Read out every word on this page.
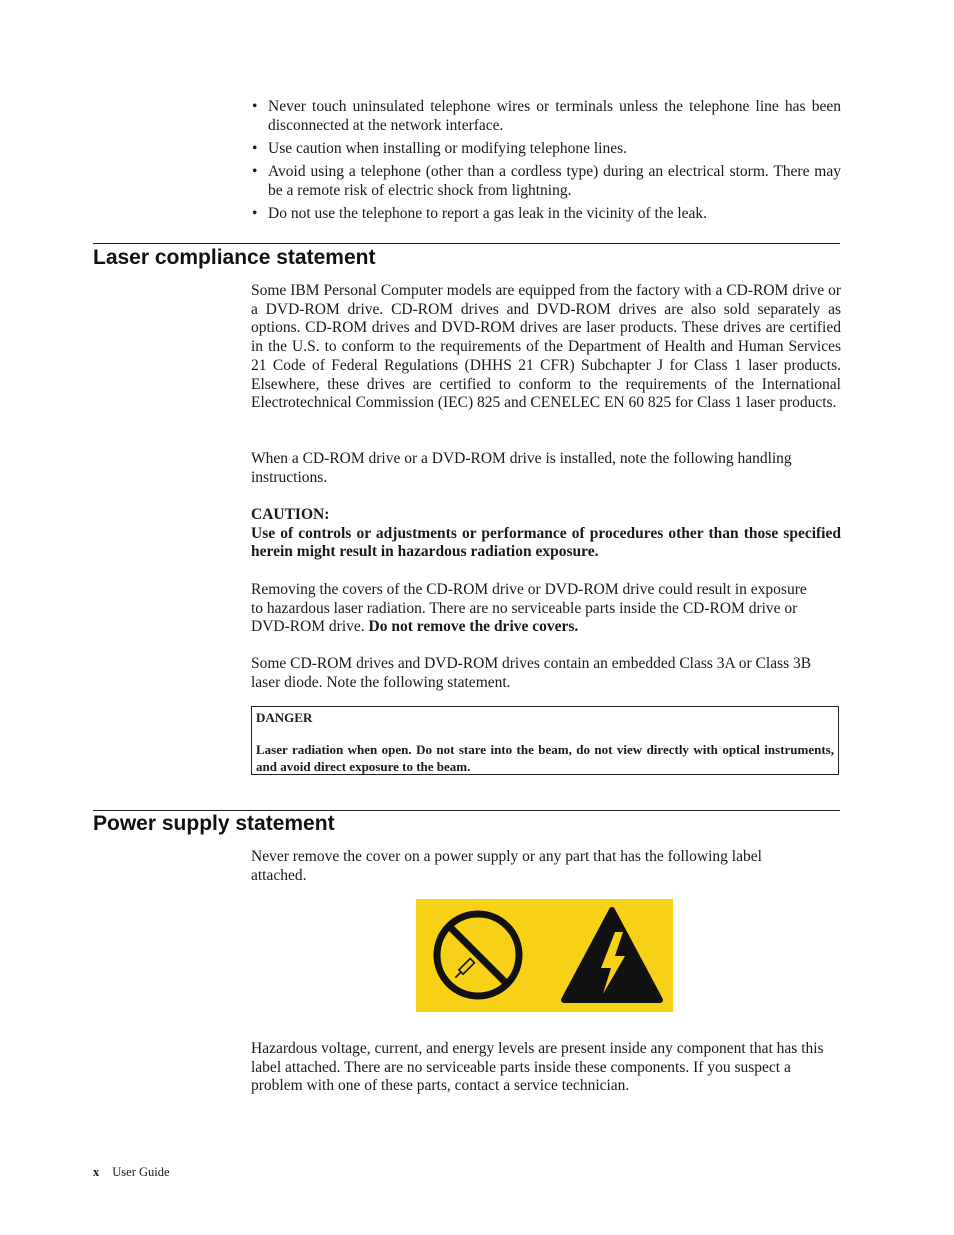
• Never touch uninsulated telephone wires or terminals unless the telephone line has been disconnected at the network interface.
• Use caution when installing or modifying telephone lines.
• Avoid using a telephone (other than a cordless type) during an electrical storm. There may be a remote risk of electric shock from lightning.
• Do not use the telephone to report a gas leak in the vicinity of the leak.
Laser compliance statement

Some IBM Personal Computer models are equipped from the factory with a CD-ROM drive or a DVD-ROM drive. CD-ROM drives and DVD-ROM drives are also sold separately as options. CD-ROM drives and DVD-ROM drives are laser products. These drives are certified in the U.S. to conform to the requirements of the Department of Health and Human Services 21 Code of Federal Regulations (DHHS 21 CFR) Subchapter J for Class 1 laser products. Elsewhere, these drives are certified to conform to the requirements of the International Electrotechnical Commission (IEC) 825 and CENELEC EN 60 825 for Class 1 laser products.

When a CD-ROM drive or a DVD-ROM drive is installed, note the following handling instructions.

CAUTION:
Use of controls or adjustments or performance of procedures other than those specified herein might result in hazardous radiation exposure.

Removing the covers of the CD-ROM drive or DVD-ROM drive could result in exposure to hazardous laser radiation. There are no serviceable parts inside the CD-ROM drive or DVD-ROM drive. Do not remove the drive covers.

Some CD-ROM drives and DVD-ROM drives contain an embedded Class 3A or Class 3B laser diode. Note the following statement.

DANGER

Laser radiation when open. Do not stare into the beam, do not view directly with optical instruments, and avoid direct exposure to the beam.

Power supply statement

Never remove the cover on a power supply or any part that has the following label attached.

Hazardous voltage, current, and energy levels are present inside any component that has this label attached. There are no serviceable parts inside these components. If you suspect a problem with one of these parts, contact a service technician.

x User Guide
